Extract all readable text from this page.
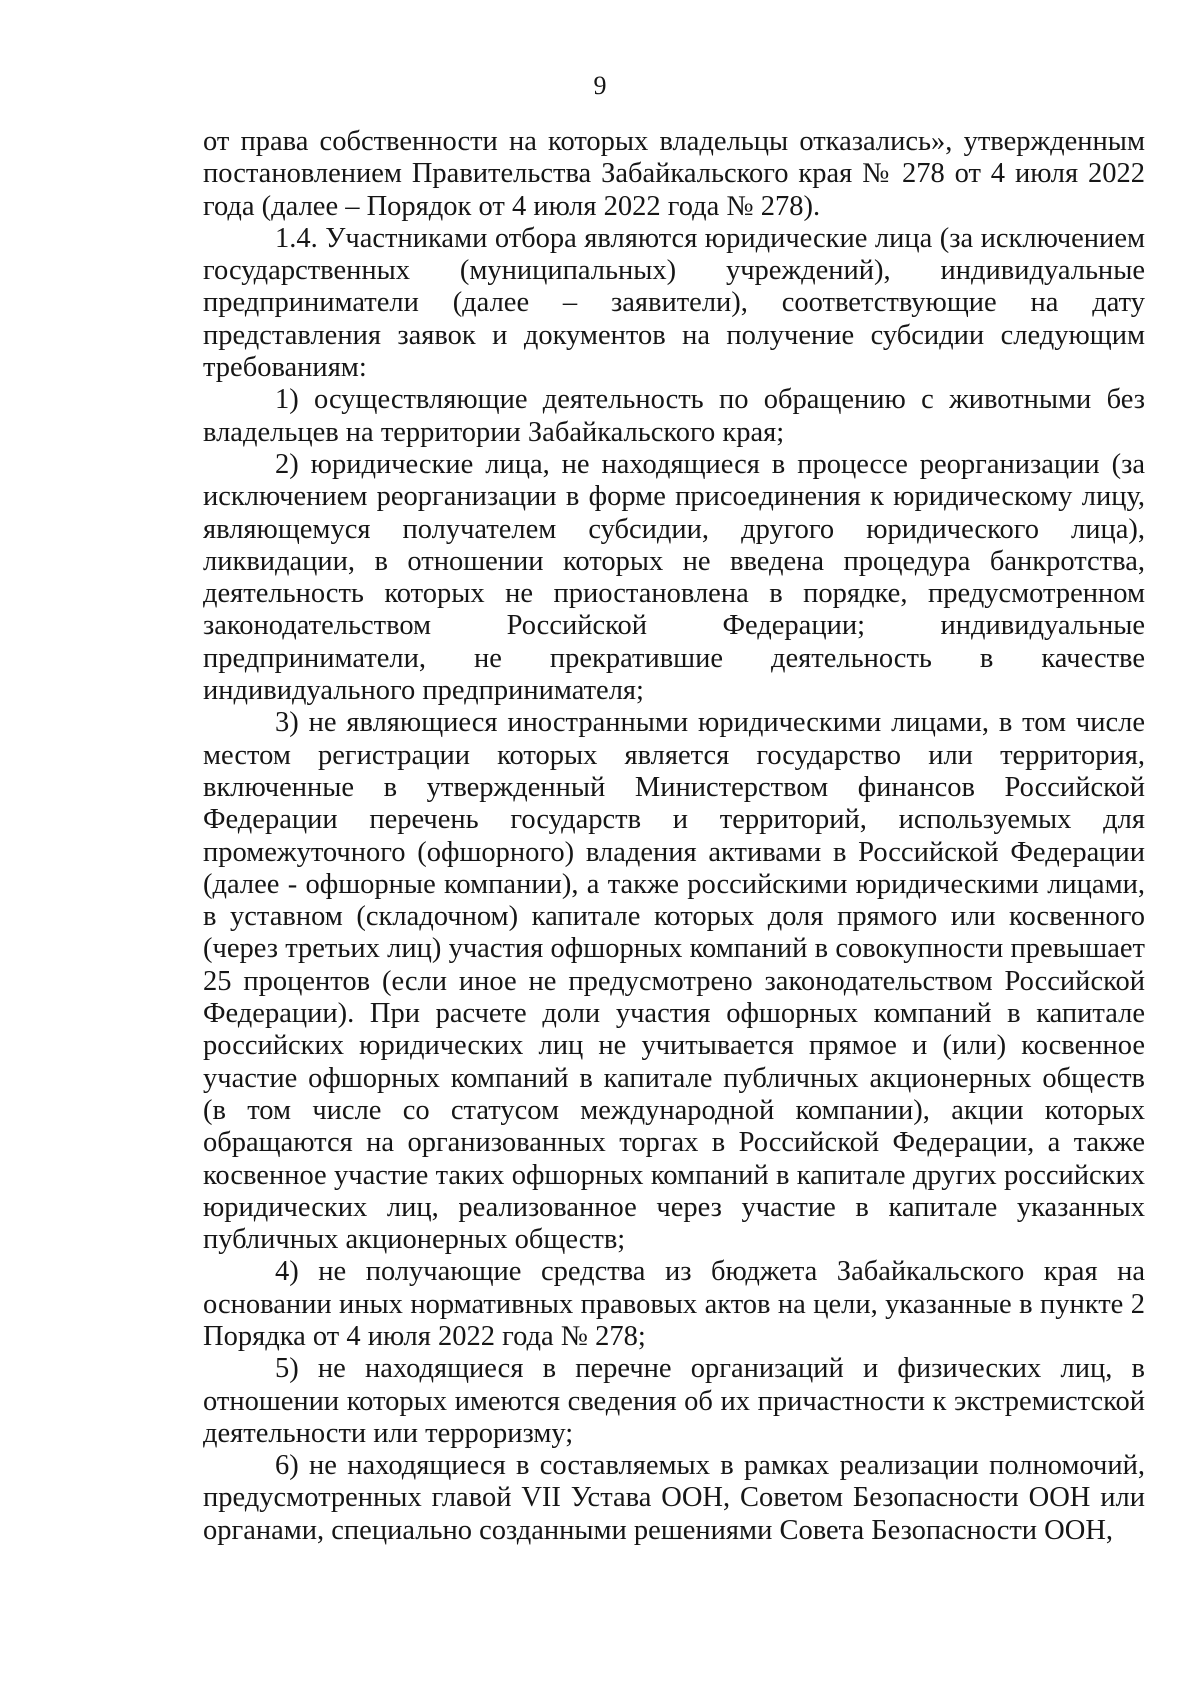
9

от права собственности на которых владельцы отказались», утвержденным постановлением Правительства Забайкальского края № 278 от 4 июля 2022 года (далее – Порядок от 4 июля 2022 года № 278).

1.4. Участниками отбора являются юридические лица (за исключением государственных (муниципальных) учреждений), индивидуальные предприниматели (далее – заявители), соответствующие на дату представления заявок и документов на получение субсидии следующим требованиям:

1) осуществляющие деятельность по обращению с животными без владельцев на территории Забайкальского края;

2) юридические лица, не находящиеся в процессе реорганизации (за исключением реорганизации в форме присоединения к юридическому лицу, являющемуся получателем субсидии, другого юридического лица), ликвидации, в отношении которых не введена процедура банкротства, деятельность которых не приостановлена в порядке, предусмотренном законодательством Российской Федерации; индивидуальные предприниматели, не прекратившие деятельность в качестве индивидуального предпринимателя;

3) не являющиеся иностранными юридическими лицами, в том числе местом регистрации которых является государство или территория, включенные в утвержденный Министерством финансов Российской Федерации перечень государств и территорий, используемых для промежуточного (офшорного) владения активами в Российской Федерации (далее - офшорные компании), а также российскими юридическими лицами, в уставном (складочном) капитале которых доля прямого или косвенного (через третьих лиц) участия офшорных компаний в совокупности превышает 25 процентов (если иное не предусмотрено законодательством Российской Федерации). При расчете доли участия офшорных компаний в капитале российских юридических лиц не учитывается прямое и (или) косвенное участие офшорных компаний в капитале публичных акционерных обществ (в том числе со статусом международной компании), акции которых обращаются на организованных торгах в Российской Федерации, а также косвенное участие таких офшорных компаний в капитале других российских юридических лиц, реализованное через участие в капитале указанных публичных акционерных обществ;

4) не получающие средства из бюджета Забайкальского края на основании иных нормативных правовых актов на цели, указанные в пункте 2 Порядка от 4 июля 2022 года № 278;

5) не находящиеся в перечне организаций и физических лиц, в отношении которых имеются сведения об их причастности к экстремистской деятельности или терроризму;

6) не находящиеся в составляемых в рамках реализации полномочий, предусмотренных главой VII Устава ООН, Советом Безопасности ООН или органами, специально созданными решениями Совета Безопасности ООН,
